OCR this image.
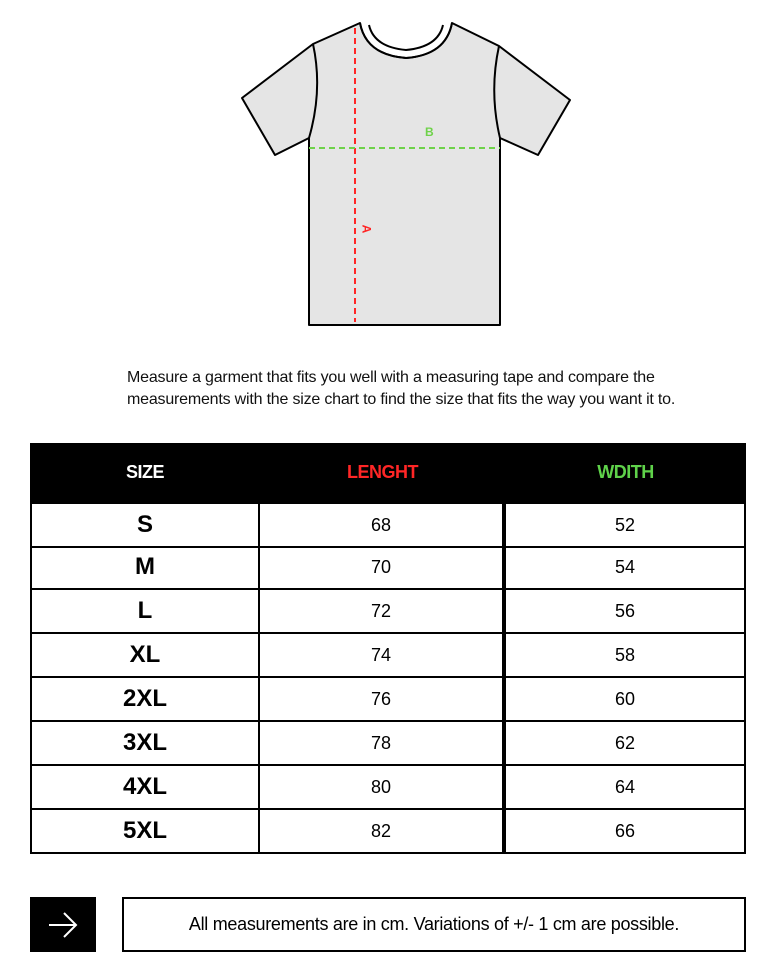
B
A
Measure a garment that fits you well with a measuring tape and compare the
measurements with the size chart to find the size that fits the way you want it to.
SIZE	LENGHT	WDITH
S	68	52
M	70	54
L	72	56
XL	74	58
2XL	76	60
3XL	78	62
4XL	80	64
5XL	82	66
All measurements are in cm. Variations of +/- 1 cm are possible.
